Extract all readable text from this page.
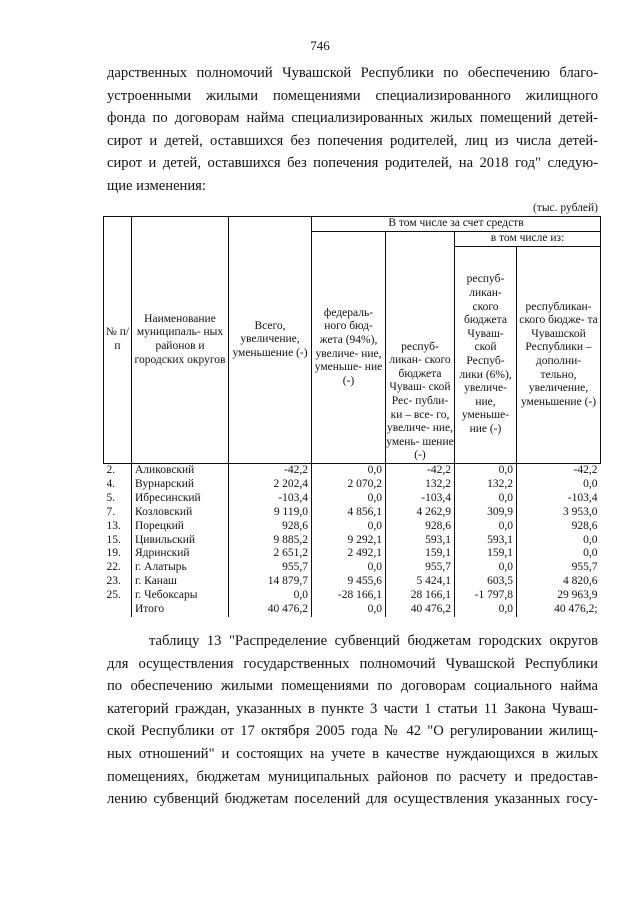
746
дарственных полномочий Чувашской Республики по обеспечению благо-
устроенными жилыми помещениями специализированного жилищного
фонда по договорам найма специализированных жилых помещений детей-
сирот и детей, оставшихся без попечения родителей, лиц из числа детей-
сирот и детей, оставшихся без попечения родителей, на 2018 год" следую-
щие изменения:
(тыс. рублей)
№ п/п	Наименование муниципаль- ных районов и городских округов	Всего, увеличение, уменьшение (-)	В том числе за счет средств			
			федераль- ного бюд- жета (94%), увеличе- ние, уменьше- ние (-)	респуб- ликан- ского бюджета Чуваш- ской Рес- публи- ки – все- го, увеличе- ние, умень- шение (-)	в том числе из:	
					респуб- ликан- ского бюджета Чуваш- ской Респуб- лики (6%), увеличе- ние, уменьше- ние (-)	республикан- ского бюдже- та Чувашской Республики – дополни- тельно, увеличение, уменьшение (-)
2.	Аликовский	-42,2	0,0	-42,2	0,0	-42,2
4.	Вурнарский	2 202,4	2 070,2	132,2	132,2	0,0
5.	Ибресинский	-103,4	0,0	-103,4	0,0	-103,4
7.	Козловский	9 119,0	4 856,1	4 262,9	309,9	3 953,0
13.	Порецкий	928,6	0,0	928,6	0,0	928,6
15.	Цивильский	9 885,2	9 292,1	593,1	593,1	0,0
19.	Ядринский	2 651,2	2 492,1	159,1	159,1	0,0
22.	г. Алатырь	955,7	0,0	955,7	0,0	955,7
23.	г. Канаш	14 879,7	9 455,6	5 424,1	603,5	4 820,6
25.	г. Чебоксары	0,0	-28 166,1	28 166,1	-1 797,8	29 963,9
	Итого	40 476,2	0,0	40 476,2	0,0	40 476,2;
таблицу 13 "Распределение субвенций бюджетам городских округов
для осуществления государственных полномочий Чувашской Республики
по обеспечению жилыми помещениями по договорам социального найма
категорий граждан, указанных в пункте 3 части 1 статьи 11 Закона Чуваш-
ской Республики от 17 октября 2005 года № 42 "О регулировании жилищ-
ных отношений" и состоящих на учете в качестве нуждающихся в жилых
помещениях, бюджетам муниципальных районов по расчету и предостав-
лению субвенций бюджетам поселений для осуществления указанных госу-
